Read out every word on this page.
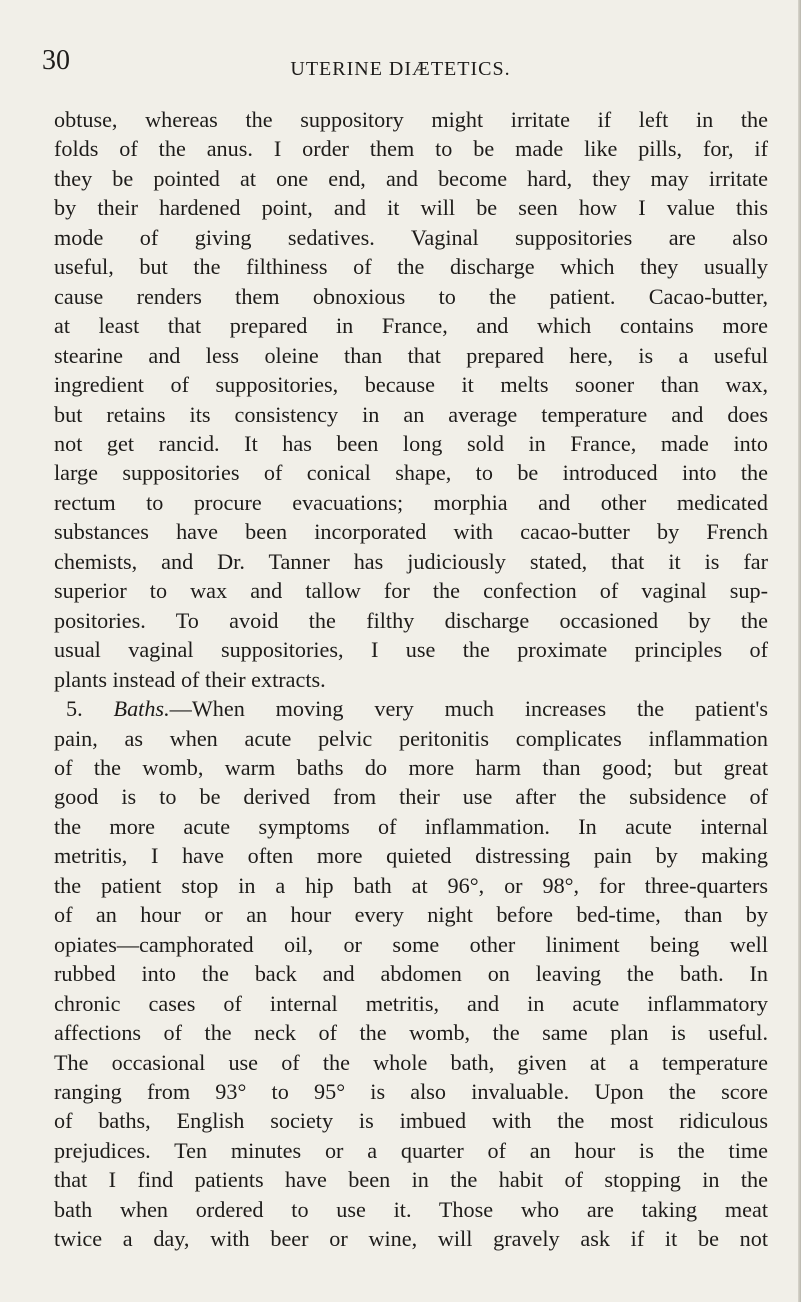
30	UTERINE DIÆTETICS.
obtuse, whereas the suppository might irritate if left in the
folds of the anus. I order them to be made like pills, for, if
they be pointed at one end, and become hard, they may irritate
by their hardened point, and it will be seen how I value this
mode of giving sedatives. Vaginal suppositories are also
useful, but the filthiness of the discharge which they usually
cause renders them obnoxious to the patient. Cacao-butter,
at least that prepared in France, and which contains more
stearine and less oleine than that prepared here, is a useful
ingredient of suppositories, because it melts sooner than wax,
but retains its consistency in an average temperature and does
not get rancid. It has been long sold in France, made into
large suppositories of conical shape, to be introduced into the
rectum to procure evacuations; morphia and other medicated
substances have been incorporated with cacao-butter by French
chemists, and Dr. Tanner has judiciously stated, that it is far
superior to wax and tallow for the confection of vaginal sup-
positories. To avoid the filthy discharge occasioned by the
usual vaginal suppositories, I use the proximate principles of
plants instead of their extracts.
5. Baths.—When moving very much increases the patient's
pain, as when acute pelvic peritonitis complicates inflammation
of the womb, warm baths do more harm than good; but great
good is to be derived from their use after the subsidence of
the more acute symptoms of inflammation. In acute internal
metritis, I have often more quieted distressing pain by making
the patient stop in a hip bath at 96°, or 98°, for three-quarters
of an hour or an hour every night before bed-time, than by
opiates—camphorated oil, or some other liniment being well
rubbed into the back and abdomen on leaving the bath. In
chronic cases of internal metritis, and in acute inflammatory
affections of the neck of the womb, the same plan is useful.
The occasional use of the whole bath, given at a temperature
ranging from 93° to 95° is also invaluable. Upon the score
of baths, English society is imbued with the most ridiculous
prejudices. Ten minutes or a quarter of an hour is the time
that I find patients have been in the habit of stopping in the
bath when ordered to use it. Those who are taking meat
twice a day, with beer or wine, will gravely ask if it be not
